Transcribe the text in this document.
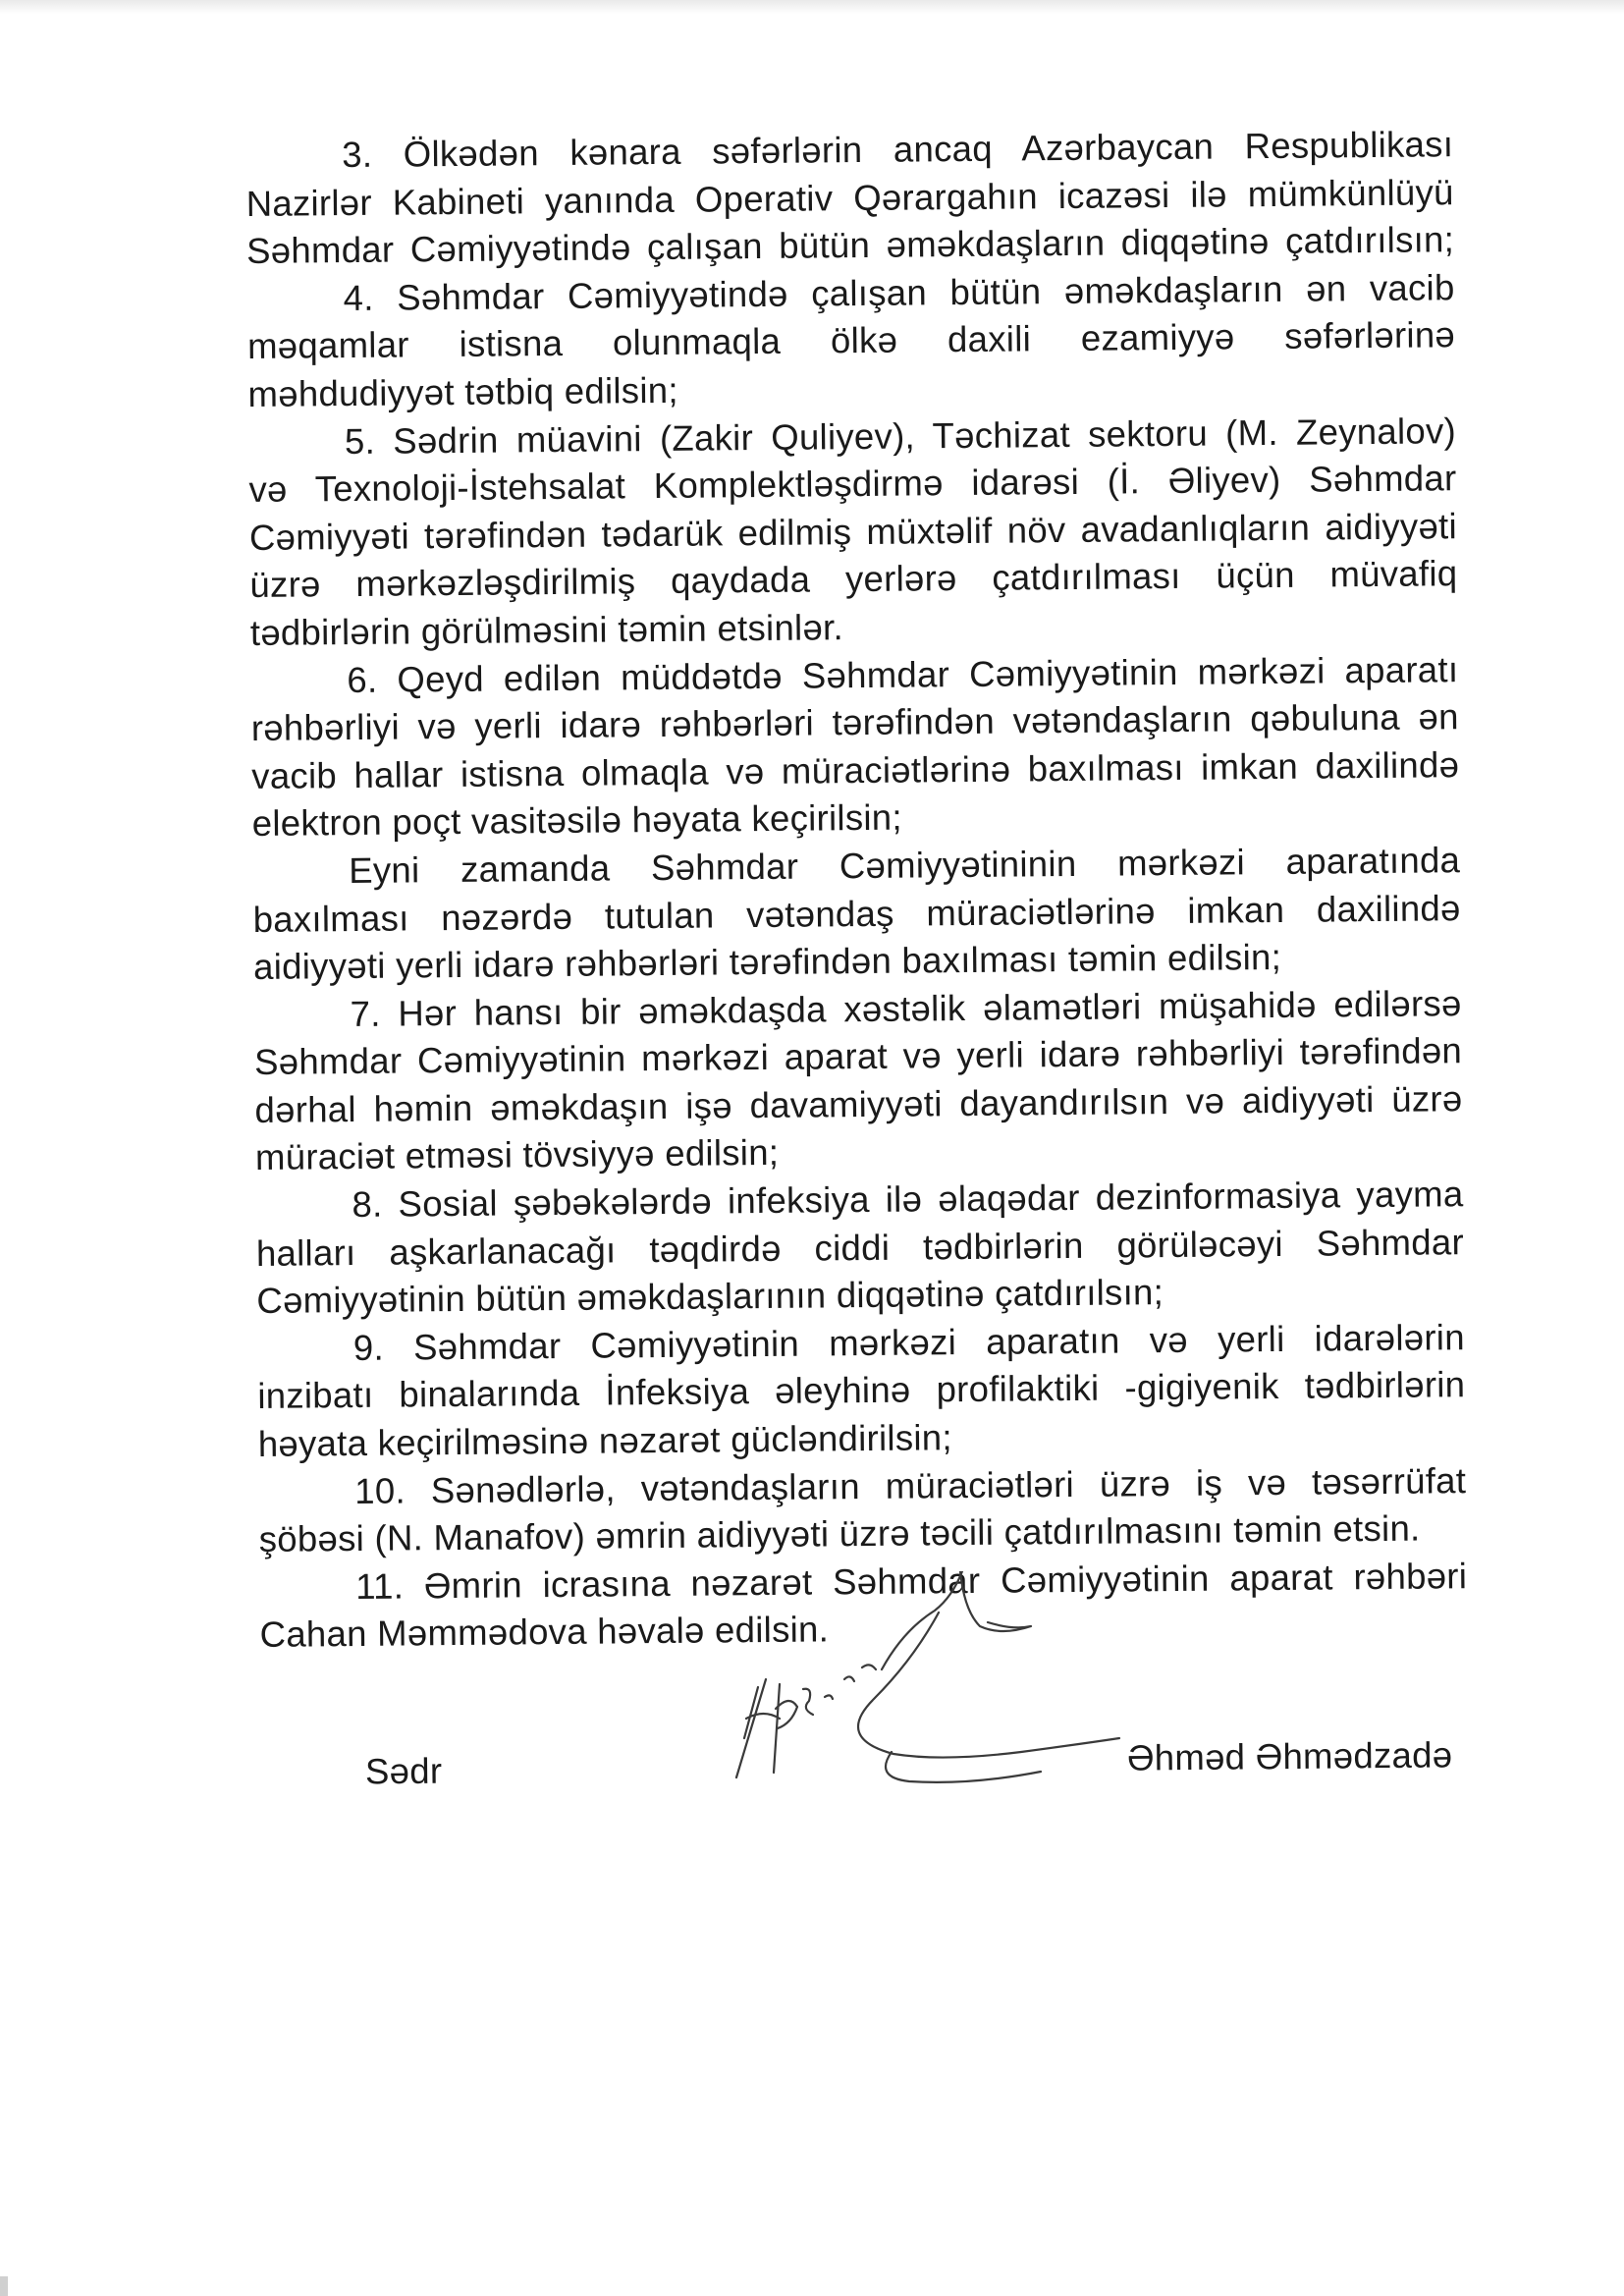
3. Ölkədən kənara səfərlərin ancaq Azərbaycan Respublikası
Nazirlər Kabineti yanında Operativ Qərargahın icazəsi ilə mümkünlüyü
Səhmdar Cəmiyyətində çalışan bütün əməkdaşların diqqətinə çatdırılsın;
4. Səhmdar Cəmiyyətində çalışan bütün əməkdaşların ən vacib
məqamlar istisna olunmaqla ölkə daxili ezamiyyə səfərlərinə
məhdudiyyət tətbiq edilsin;
5. Sədrin müavini (Zakir Quliyev), Təchizat sektoru (M. Zeynalov)
və Texnoloji-İstehsalat Komplektləşdirmə idarəsi (İ. Əliyev) Səhmdar
Cəmiyyəti tərəfindən tədarük edilmiş müxtəlif növ avadanlıqların aidiyyəti
üzrə mərkəzləşdirilmiş qaydada yerlərə çatdırılması üçün müvafiq
tədbirlərin görülməsini təmin etsinlər.
6. Qeyd edilən müddətdə Səhmdar Cəmiyyətinin mərkəzi aparatı
rəhbərliyi və yerli idarə rəhbərləri tərəfindən vətəndaşların qəbuluna ən
vacib hallar istisna olmaqla və müraciətlərinə baxılması imkan daxilində
elektron poçt vasitəsilə həyata keçirilsin;
Eyni zamanda Səhmdar Cəmiyyətininin mərkəzi aparatında
baxılması nəzərdə tutulan vətəndaş müraciətlərinə imkan daxilində
aidiyyəti yerli idarə rəhbərləri tərəfindən baxılması təmin edilsin;
7. Hər hansı bir əməkdaşda xəstəlik əlamətləri müşahidə edilərsə
Səhmdar Cəmiyyətinin mərkəzi aparat və yerli idarə rəhbərliyi tərəfindən
dərhal həmin əməkdaşın işə davamiyyəti dayandırılsın və aidiyyəti üzrə
müraciət etməsi tövsiyyə edilsin;
8. Sosial şəbəkələrdə infeksiya ilə əlaqədar dezinformasiya yayma
halları aşkarlanacağı təqdirdə ciddi tədbirlərin görüləcəyi Səhmdar
Cəmiyyətinin bütün əməkdaşlarının diqqətinə çatdırılsın;
9. Səhmdar Cəmiyyətinin mərkəzi aparatın və yerli idarələrin
inzibatı binalarında İnfeksiya əleyhinə profilaktiki -gigiyenik tədbirlərin
həyata keçirilməsinə nəzarət gücləndirilsin;
10. Sənədlərlə, vətəndaşların müraciətləri üzrə iş və təsərrüfat
şöbəsi (N. Manafov) əmrin aidiyyəti üzrə təcili çatdırılmasını təmin etsin.
11. Əmrin icrasına nəzarət Səhmdar Cəmiyyətinin aparat rəhbəri
Cahan Məmmədova həvalə edilsin.
Sədr	Əhməd Əhmədzadə
